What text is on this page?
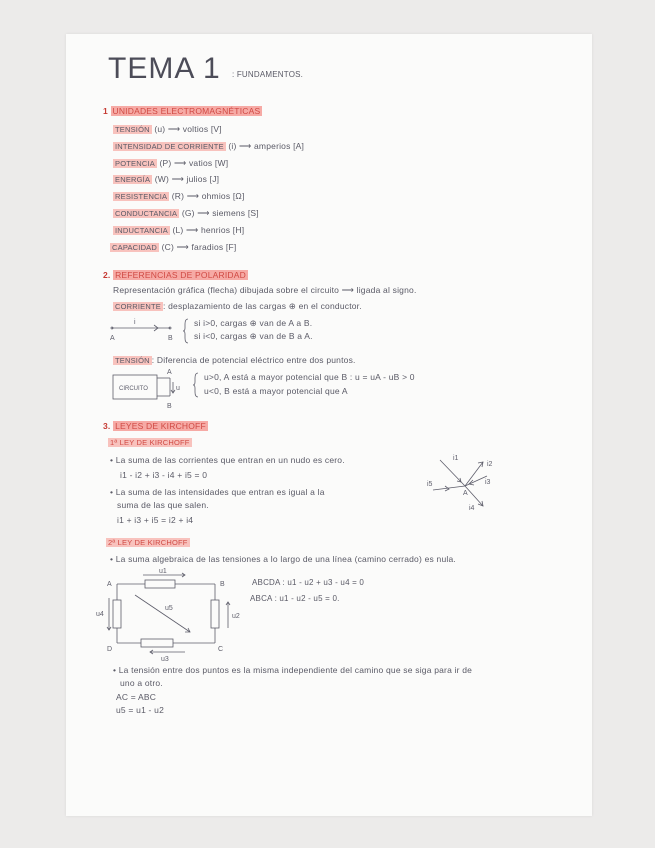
TEMA 1 : FUNDAMENTOS.
1 UNIDADES ELECTROMAGNÉTICAS
TENSIÓN (u) ⟶ voltios [V]
INTENSIDAD DE CORRIENTE (i) ⟶ amperios [A]
POTENCIA (P) ⟶ vatios [W]
ENERGÍA (W) ⟶ julios [J]
RESISTENCIA (R) ⟶ ohmios [Ω]
CONDUCTANCIA (G) ⟶ siemens [S]
INDUCTANCIA (L) ⟶ henrios [H]
CAPACIDAD (C) ⟶ faradios [F]
2. REFERENCIAS DE POLARIDAD
Representación gráfica (flecha) dibujada sobre el circuito ⟶ ligada al signo.
CORRIENTE : desplazamiento de las cargas ⊕ en el conductor.
i
A	B
si i>0, cargas ⊕ van de A a B.
si i<0, cargas ⊕ van de B a A.
TENSIÓN : Diferencia de potencial eléctrico entre dos puntos.
CIRCUITO
A
B
u
u>0, A está a mayor potencial que B : u = uA - uB > 0
u<0, B está a mayor potencial que A
3. LEYES DE KIRCHOFF
1ª LEY DE KIRCHOFF
• La suma de las corrientes que entran en un nudo es cero.
i1 - i2 + i3 - i4 + i5 = 0
• La suma de las intensidades que entran es igual a la
suma de las que salen.
i1 + i3 + i5 = i2 + i4
i1
i2
i3
i4
i5
A
2ª LEY DE KIRCHOFF
• La suma algebraica de las tensiones a lo largo de una línea (camino cerrado) es nula.
A	B
C
D
u1
u2
u3
u4
u5
ABCDA : u1 - u2 + u3 - u4 = 0
ABCA : u1 - u2 - u5 = 0.
• La tensión entre dos puntos es la misma independiente del camino que se siga para ir de
uno a otro.
AC = ABC
u5 = u1 - u2
